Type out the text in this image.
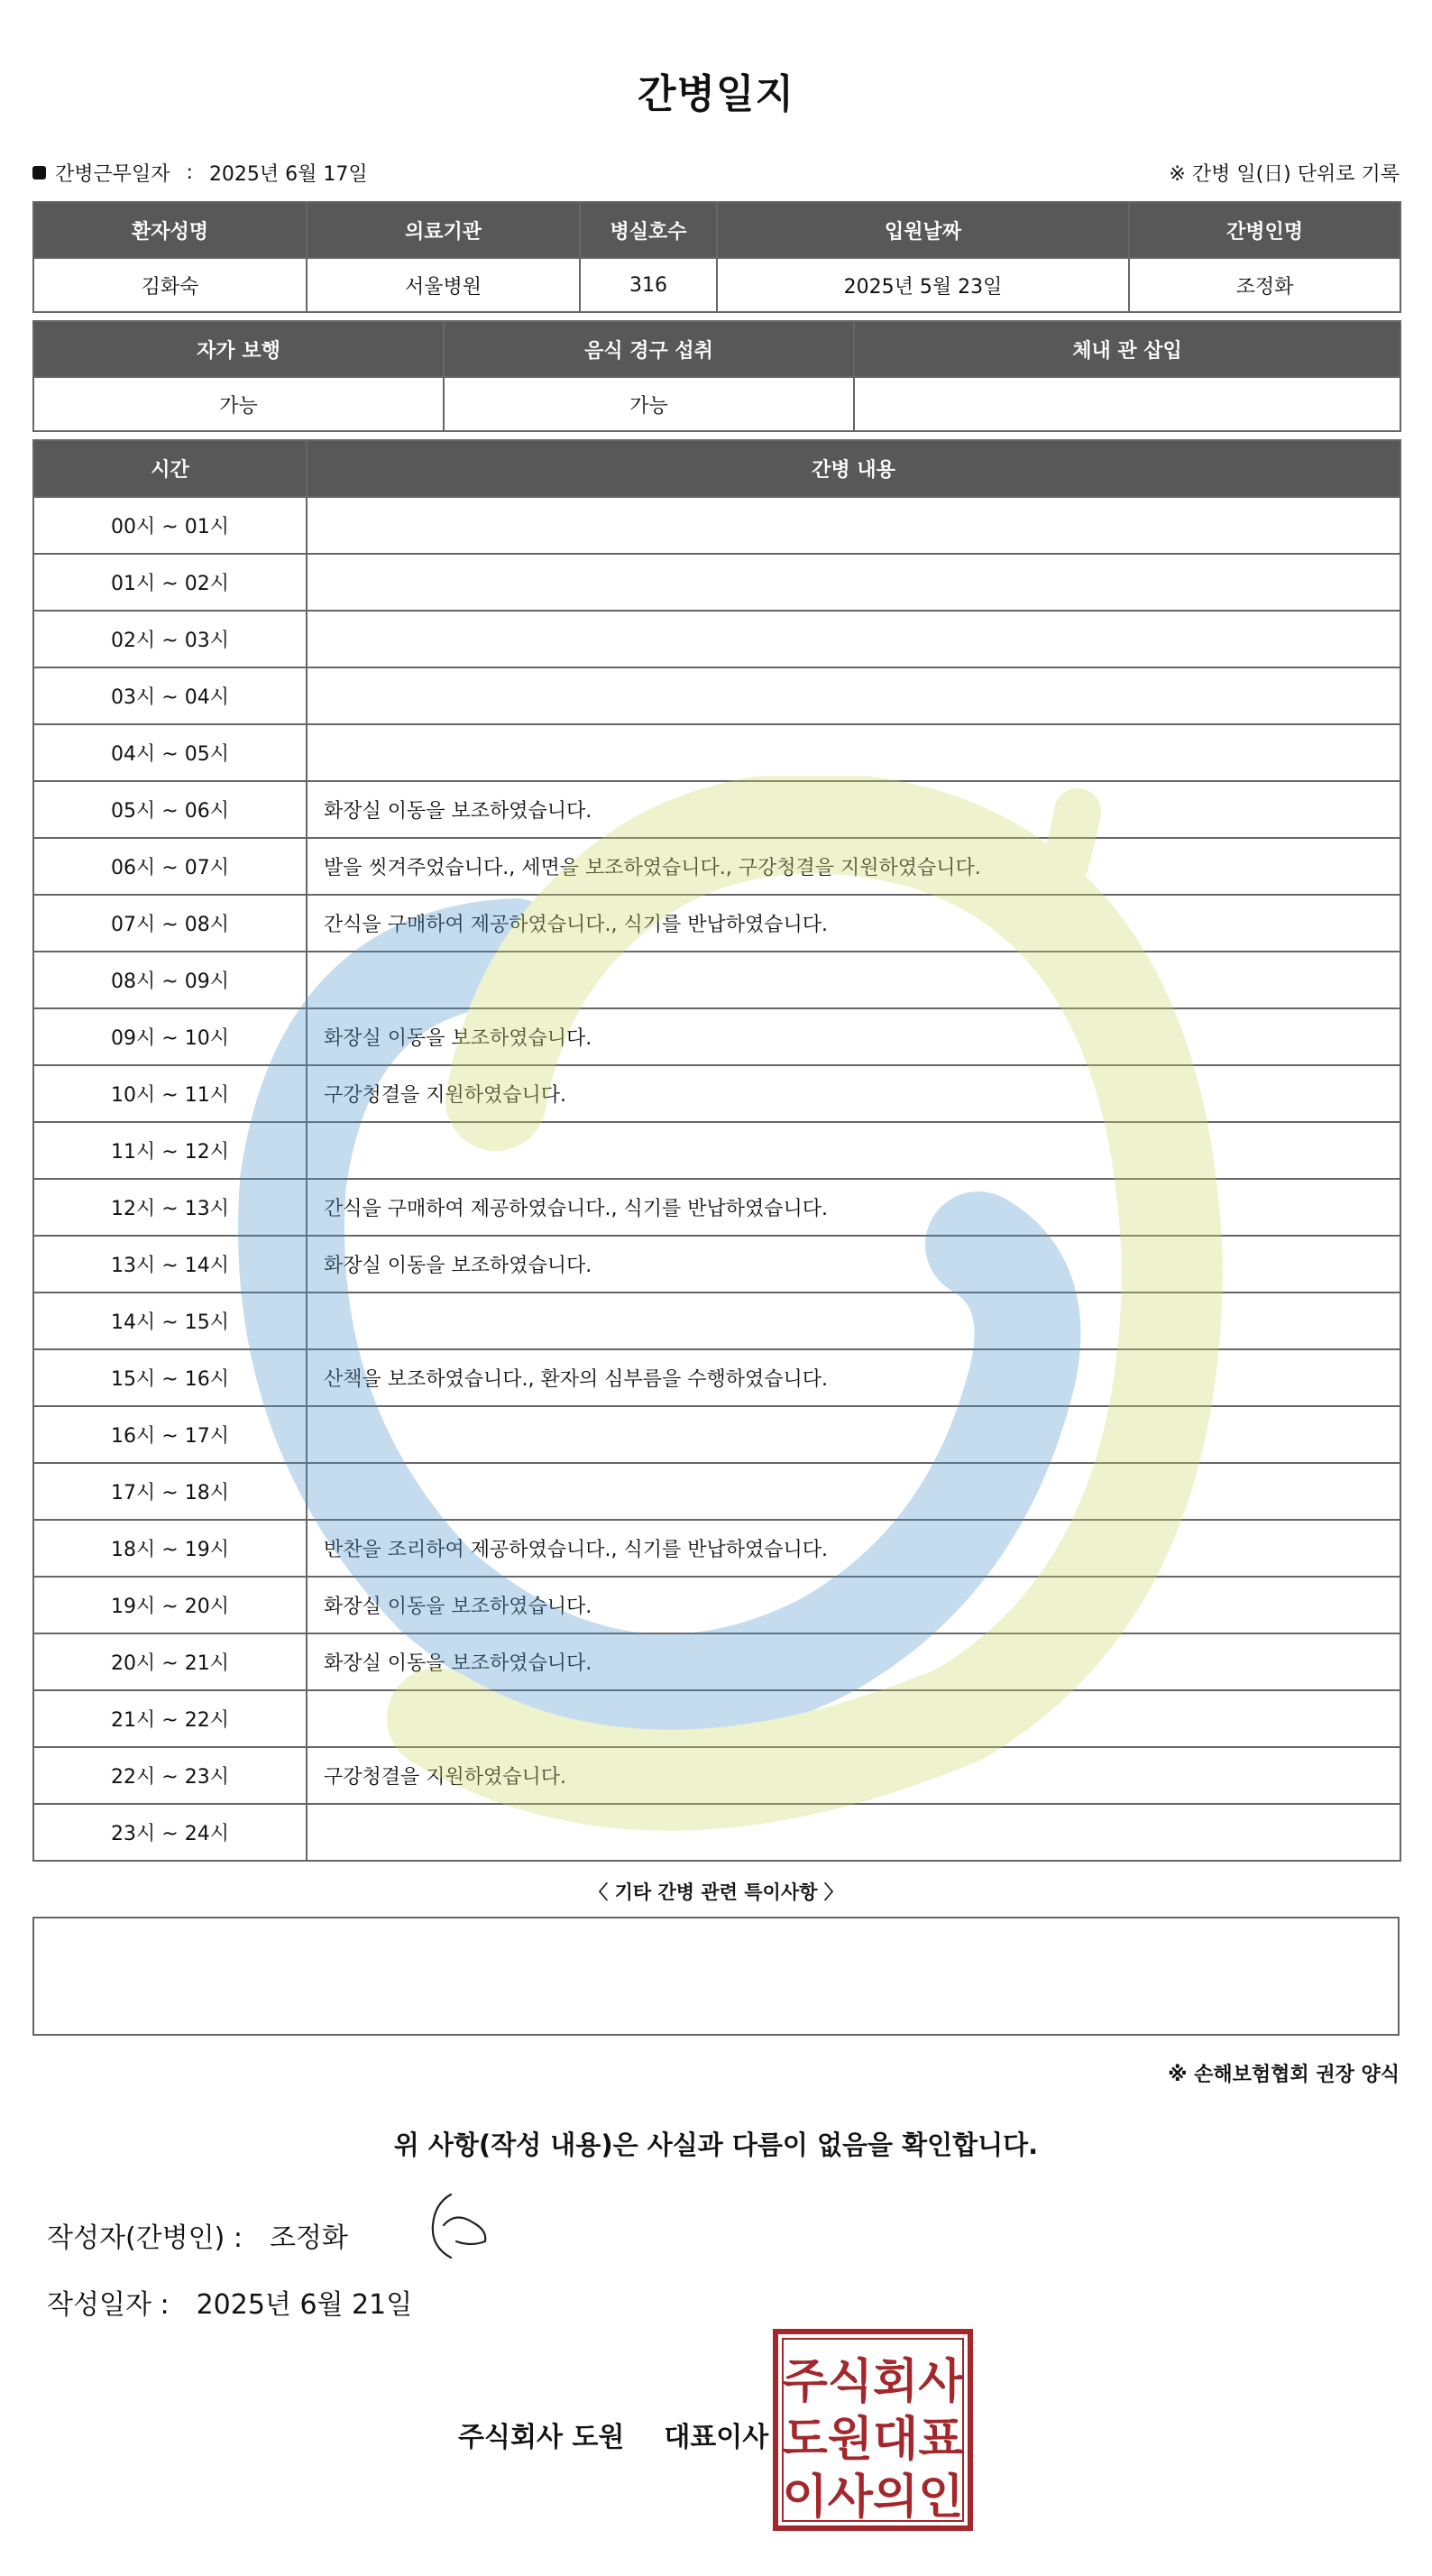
간병일지
간병근무일자 : 2025년 6월 17일	※ 간병 일(日) 단위로 기록
환자성명	의료기관	병실호수	입원날짜	간병인명
김화숙	서울병원	316	2025년 5월 23일	조정화
자가 보행	음식 경구 섭취	체내 관 삽입
가능	가능	
시간	간병 내용
00시 ~ 01시	
01시 ~ 02시	
02시 ~ 03시	
03시 ~ 04시	
04시 ~ 05시	
05시 ~ 06시	화장실 이동을 보조하였습니다.
06시 ~ 07시	발을 씻겨주었습니다., 세면을 보조하였습니다., 구강청결을 지원하였습니다.
07시 ~ 08시	간식을 구매하여 제공하였습니다., 식기를 반납하였습니다.
08시 ~ 09시	
09시 ~ 10시	화장실 이동을 보조하였습니다.
10시 ~ 11시	구강청결을 지원하였습니다.
11시 ~ 12시	
12시 ~ 13시	간식을 구매하여 제공하였습니다., 식기를 반납하였습니다.
13시 ~ 14시	화장실 이동을 보조하였습니다.
14시 ~ 15시	
15시 ~ 16시	산책을 보조하였습니다., 환자의 심부름을 수행하였습니다.
16시 ~ 17시	
17시 ~ 18시	
18시 ~ 19시	반찬을 조리하여 제공하였습니다., 식기를 반납하였습니다.
19시 ~ 20시	화장실 이동을 보조하였습니다.
20시 ~ 21시	화장실 이동을 보조하였습니다.
21시 ~ 22시	
22시 ~ 23시	구강청결을 지원하였습니다.
23시 ~ 24시	
〈 기타 간병 관련 특이사항 〉
※ 손해보험협회 권장 양식
위 사항(작성 내용)은 사실과 다름이 없음을 확인합니다.
작성자(간병인) : 조정화
작성일자 : 2025년 6월 21일
주식회사 도원 대표이사
주식회사
도원대표
이사의인
